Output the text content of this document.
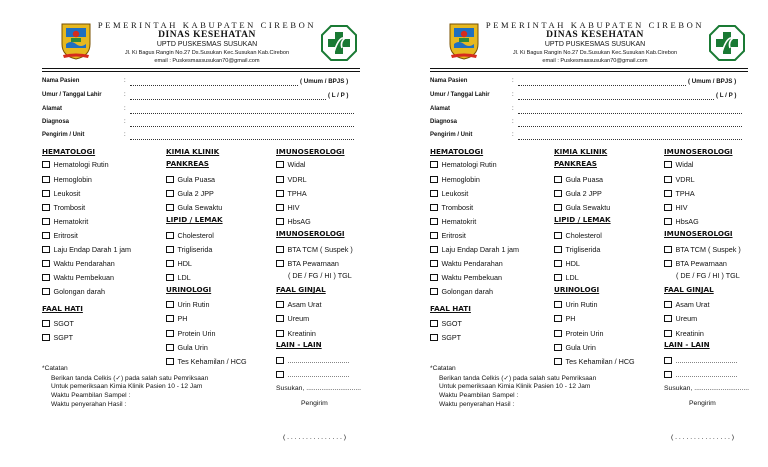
PEMERINTAH KABUPATEN CIREBON
DINAS KESEHATAN
UPTD PUSKESMAS SUSUKAN
Jl. Ki Bagus Rangin No.27 Ds.Susukan Kec.Susukan Kab.Cirebon
email : Puskesmassusukan70@gmail.com
Nama Pasien	:	( Umum / BPJS )
Umur / Tanggal Lahir	:	( L / P )
Alamat	:
Diagnosa	:
Pengirim / Unit	:
HEMATOLOGI
Hematologi Rutin
Hemoglobin
Leukosit
Trombosit
Hematokrit
Eritrosit
Laju Endap Darah 1 jam
Waktu Pendarahan
Waktu Pembekuan
Golongan darah
FAAL HATI
SGOT
SGPT
KIMIA KLINIK
PANKREAS
Gula Puasa
Gula 2 JPP
Gula Sewaktu
LIPID / LEMAK
Cholesterol
Trigliserida
HDL
LDL
URINOLOGI
Urin Rutin
PH
Protein Urin
Gula Urin
Tes Kehamilan / HCG
IMUNOSEROLOGI
Widal
VDRL
TPHA
HIV
HbsAG
IMUNOSEROLOGI
BTA TCM ( Suspek )
BTA Pewarnaan
( DE / FG / HI ) TGL
FAAL GINJAL
Asam Urat
Ureum
Kreatinin
LAIN - LAIN
...............................
...............................
*Catatan
Berikan tanda Celkis (✓) pada salah satu Pemriksaan
Untuk pemeriksaan Kimia Klinik Pasien 10 - 12 Jam
Waktu Peambilan Sampel :
Waktu penyerahan Hasil :
Susukan, .............................
Pengirim
( . . . . . . . . . . . . . . . )
PEMERINTAH KABUPATEN CIREBON
DINAS KESEHATAN
UPTD PUSKESMAS SUSUKAN
Jl. Ki Bagus Rangin No.27 Ds.Susukan Kec.Susukan Kab.Cirebon
email : Puskesmassusukan70@gmail.com
Nama Pasien	:	( Umum / BPJS )
Umur / Tanggal Lahir	:	( L / P )
Alamat	:
Diagnosa	:
Pengirim / Unit	:
HEMATOLOGI
Hematologi Rutin
Hemoglobin
Leukosit
Trombosit
Hematokrit
Eritrosit
Laju Endap Darah 1 jam
Waktu Pendarahan
Waktu Pembekuan
Golongan darah
FAAL HATI
SGOT
SGPT
KIMIA KLINIK
PANKREAS
Gula Puasa
Gula 2 JPP
Gula Sewaktu
LIPID / LEMAK
Cholesterol
Trigliserida
HDL
LDL
URINOLOGI
Urin Rutin
PH
Protein Urin
Gula Urin
Tes Kehamilan / HCG
IMUNOSEROLOGI
Widal
VDRL
TPHA
HIV
HbsAG
IMUNOSEROLOGI
BTA TCM ( Suspek )
BTA Pewarnaan
( DE / FG / HI ) TGL
FAAL GINJAL
Asam Urat
Ureum
Kreatinin
LAIN - LAIN
...............................
...............................
*Catatan
Berikan tanda Celkis (✓) pada salah satu Pemriksaan
Untuk pemeriksaan Kimia Klinik Pasien 10 - 12 Jam
Waktu Peambilan Sampel :
Waktu penyerahan Hasil :
Susukan, .............................
Pengirim
( . . . . . . . . . . . . . . . )
